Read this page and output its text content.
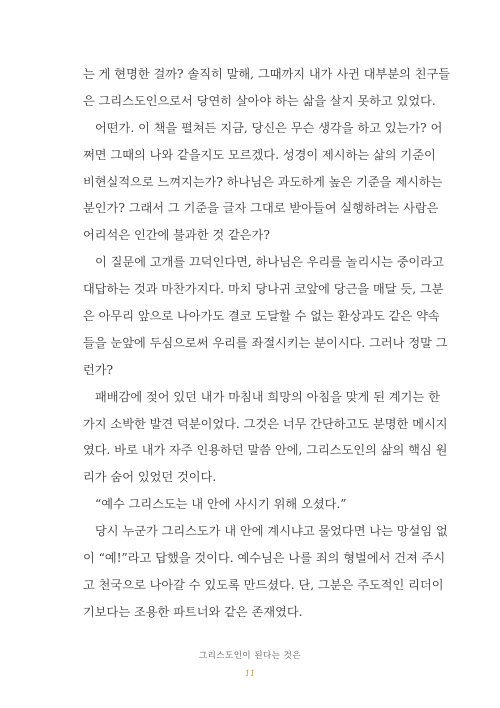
는 게 현명한 걸까? 솔직히 말해, 그때까지 내가 사귄 대부분의 친구들
은 그리스도인으로서 당연히 살아야 하는 삶을 살지 못하고 있었다.
어떤가. 이 책을 펼쳐든 지금, 당신은 무슨 생각을 하고 있는가? 어
쩌면 그때의 나와 같을지도 모르겠다. 성경이 제시하는 삶의 기준이
비현실적으로 느껴지는가? 하나님은 과도하게 높은 기준을 제시하는
분인가? 그래서 그 기준을 글자 그대로 받아들여 실행하려는 사람은
어리석은 인간에 불과한 것 같은가?
이 질문에 고개를 끄덕인다면, 하나님은 우리를 놀리시는 중이라고
대답하는 것과 마찬가지다. 마치 당나귀 코앞에 당근을 매달 듯, 그분
은 아무리 앞으로 나아가도 결코 도달할 수 없는 환상과도 같은 약속
들을 눈앞에 두심으로써 우리를 좌절시키는 분이시다. 그러나 정말 그
런가?
패배감에 젖어 있던 내가 마침내 희망의 아침을 맞게 된 계기는 한
가지 소박한 발견 덕분이었다. 그것은 너무 간단하고도 분명한 메시지
였다. 바로 내가 자주 인용하던 말씀 안에, 그리스도인의 삶의 핵심 원
리가 숨어 있었던 것이다.
“예수 그리스도는 내 안에 사시기 위해 오셨다.”
당시 누군가 그리스도가 내 안에 계시냐고 물었다면 나는 망설임 없
이 “예!”라고 답했을 것이다. 예수님은 나를 죄의 형벌에서 건져 주시
고 천국으로 나아갈 수 있도록 만드셨다. 단, 그분은 주도적인 리더이
기보다는 조용한 파트너와 같은 존재였다.
그리스도인이 된다는 것은
11
